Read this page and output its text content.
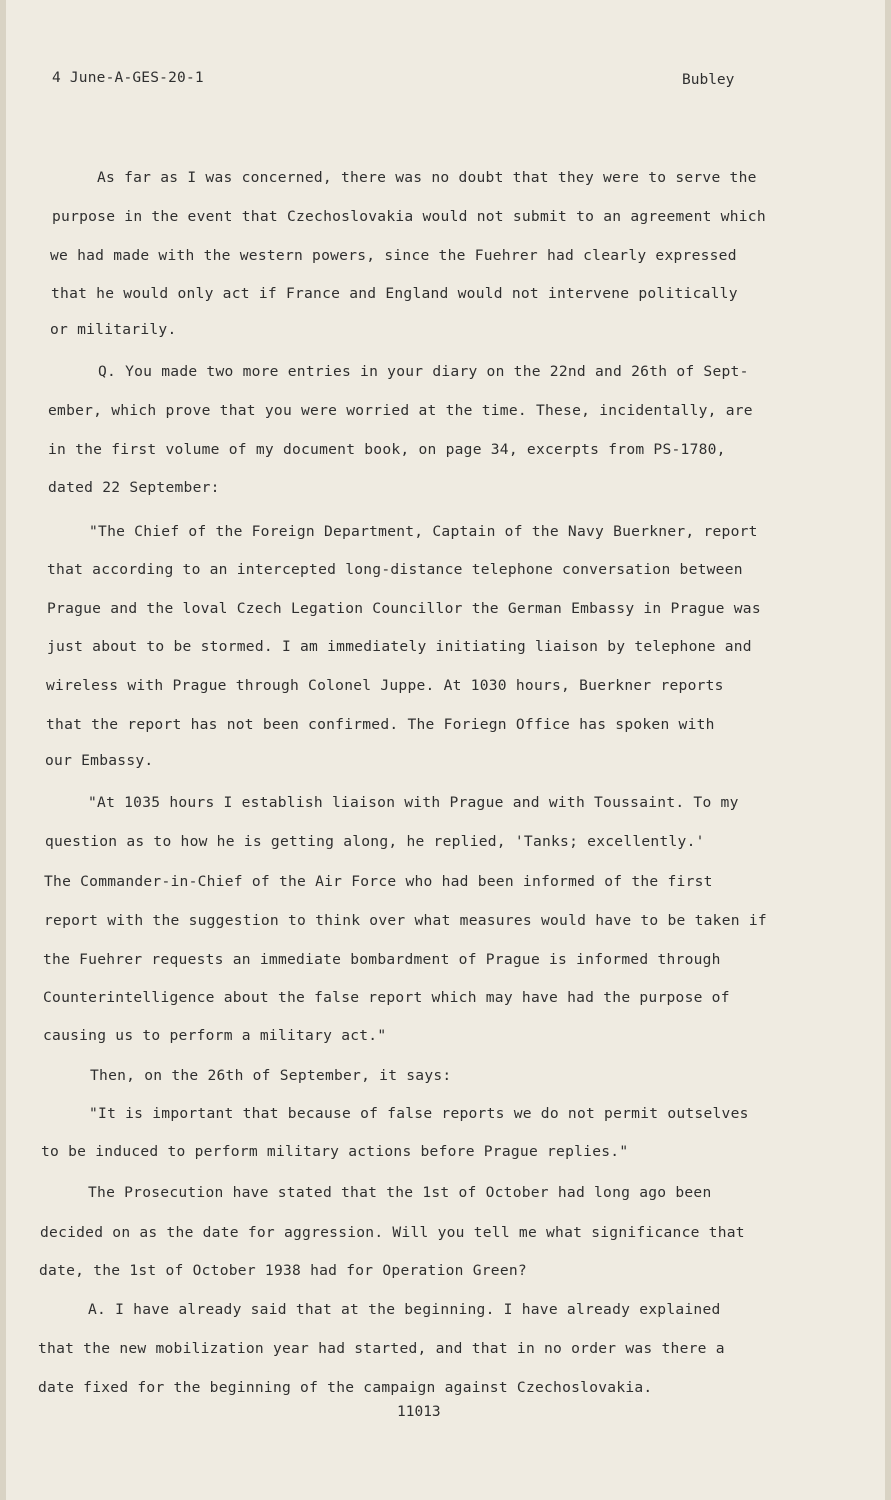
4 June-A-GES-20-1	Bubley
As far as I was concerned, there was no doubt that they were to serve the
purpose in the event that Czechoslovakia would not submit to an agreement which
we had made with the western powers, since the Fuehrer had clearly expressed
that he would only act if France and England would not intervene politically
or militarily.
Q. You made two more entries in your diary on the 22nd and 26th of Sept-
ember, which prove that you were worried at the time. These, incidentally, are
in the first volume of my document book, on page 34, excerpts from PS-1780,
dated 22 September:
"The Chief of the Foreign Department, Captain of the Navy Buerkner, report
that according to an intercepted long-distance telephone conversation between
Prague and the loval Czech Legation Councillor the German Embassy in Prague was
just about to be stormed. I am immediately initiating liaison by telephone and
wireless with Prague through Colonel Juppe. At 1030 hours, Buerkner reports
that the report has not been confirmed. The Foriegn Office has spoken with
our Embassy.
"At 1035 hours I establish liaison with Prague and with Toussaint. To my
question as to how he is getting along, he replied, 'Tanks; excellently.'
The Commander-in-Chief of the Air Force who had been informed of the first
report with the suggestion to think over what measures would have to be taken if
the Fuehrer requests an immediate bombardment of Prague is informed through
Counterintelligence about the false report which may have had the purpose of
causing us to perform a military act."
Then, on the 26th of September, it says:
"It is important that because of false reports we do not permit outselves
to be induced to perform military actions before Prague replies."
The Prosecution have stated that the 1st of October had long ago been
decided on as the date for aggression. Will you tell me what significance that
date, the 1st of October 1938 had for Operation Green?
A. I have already said that at the beginning. I have already explained
that the new mobilization year had started, and that in no order was there a
date fixed for the beginning of the campaign against Czechoslovakia.
11013
